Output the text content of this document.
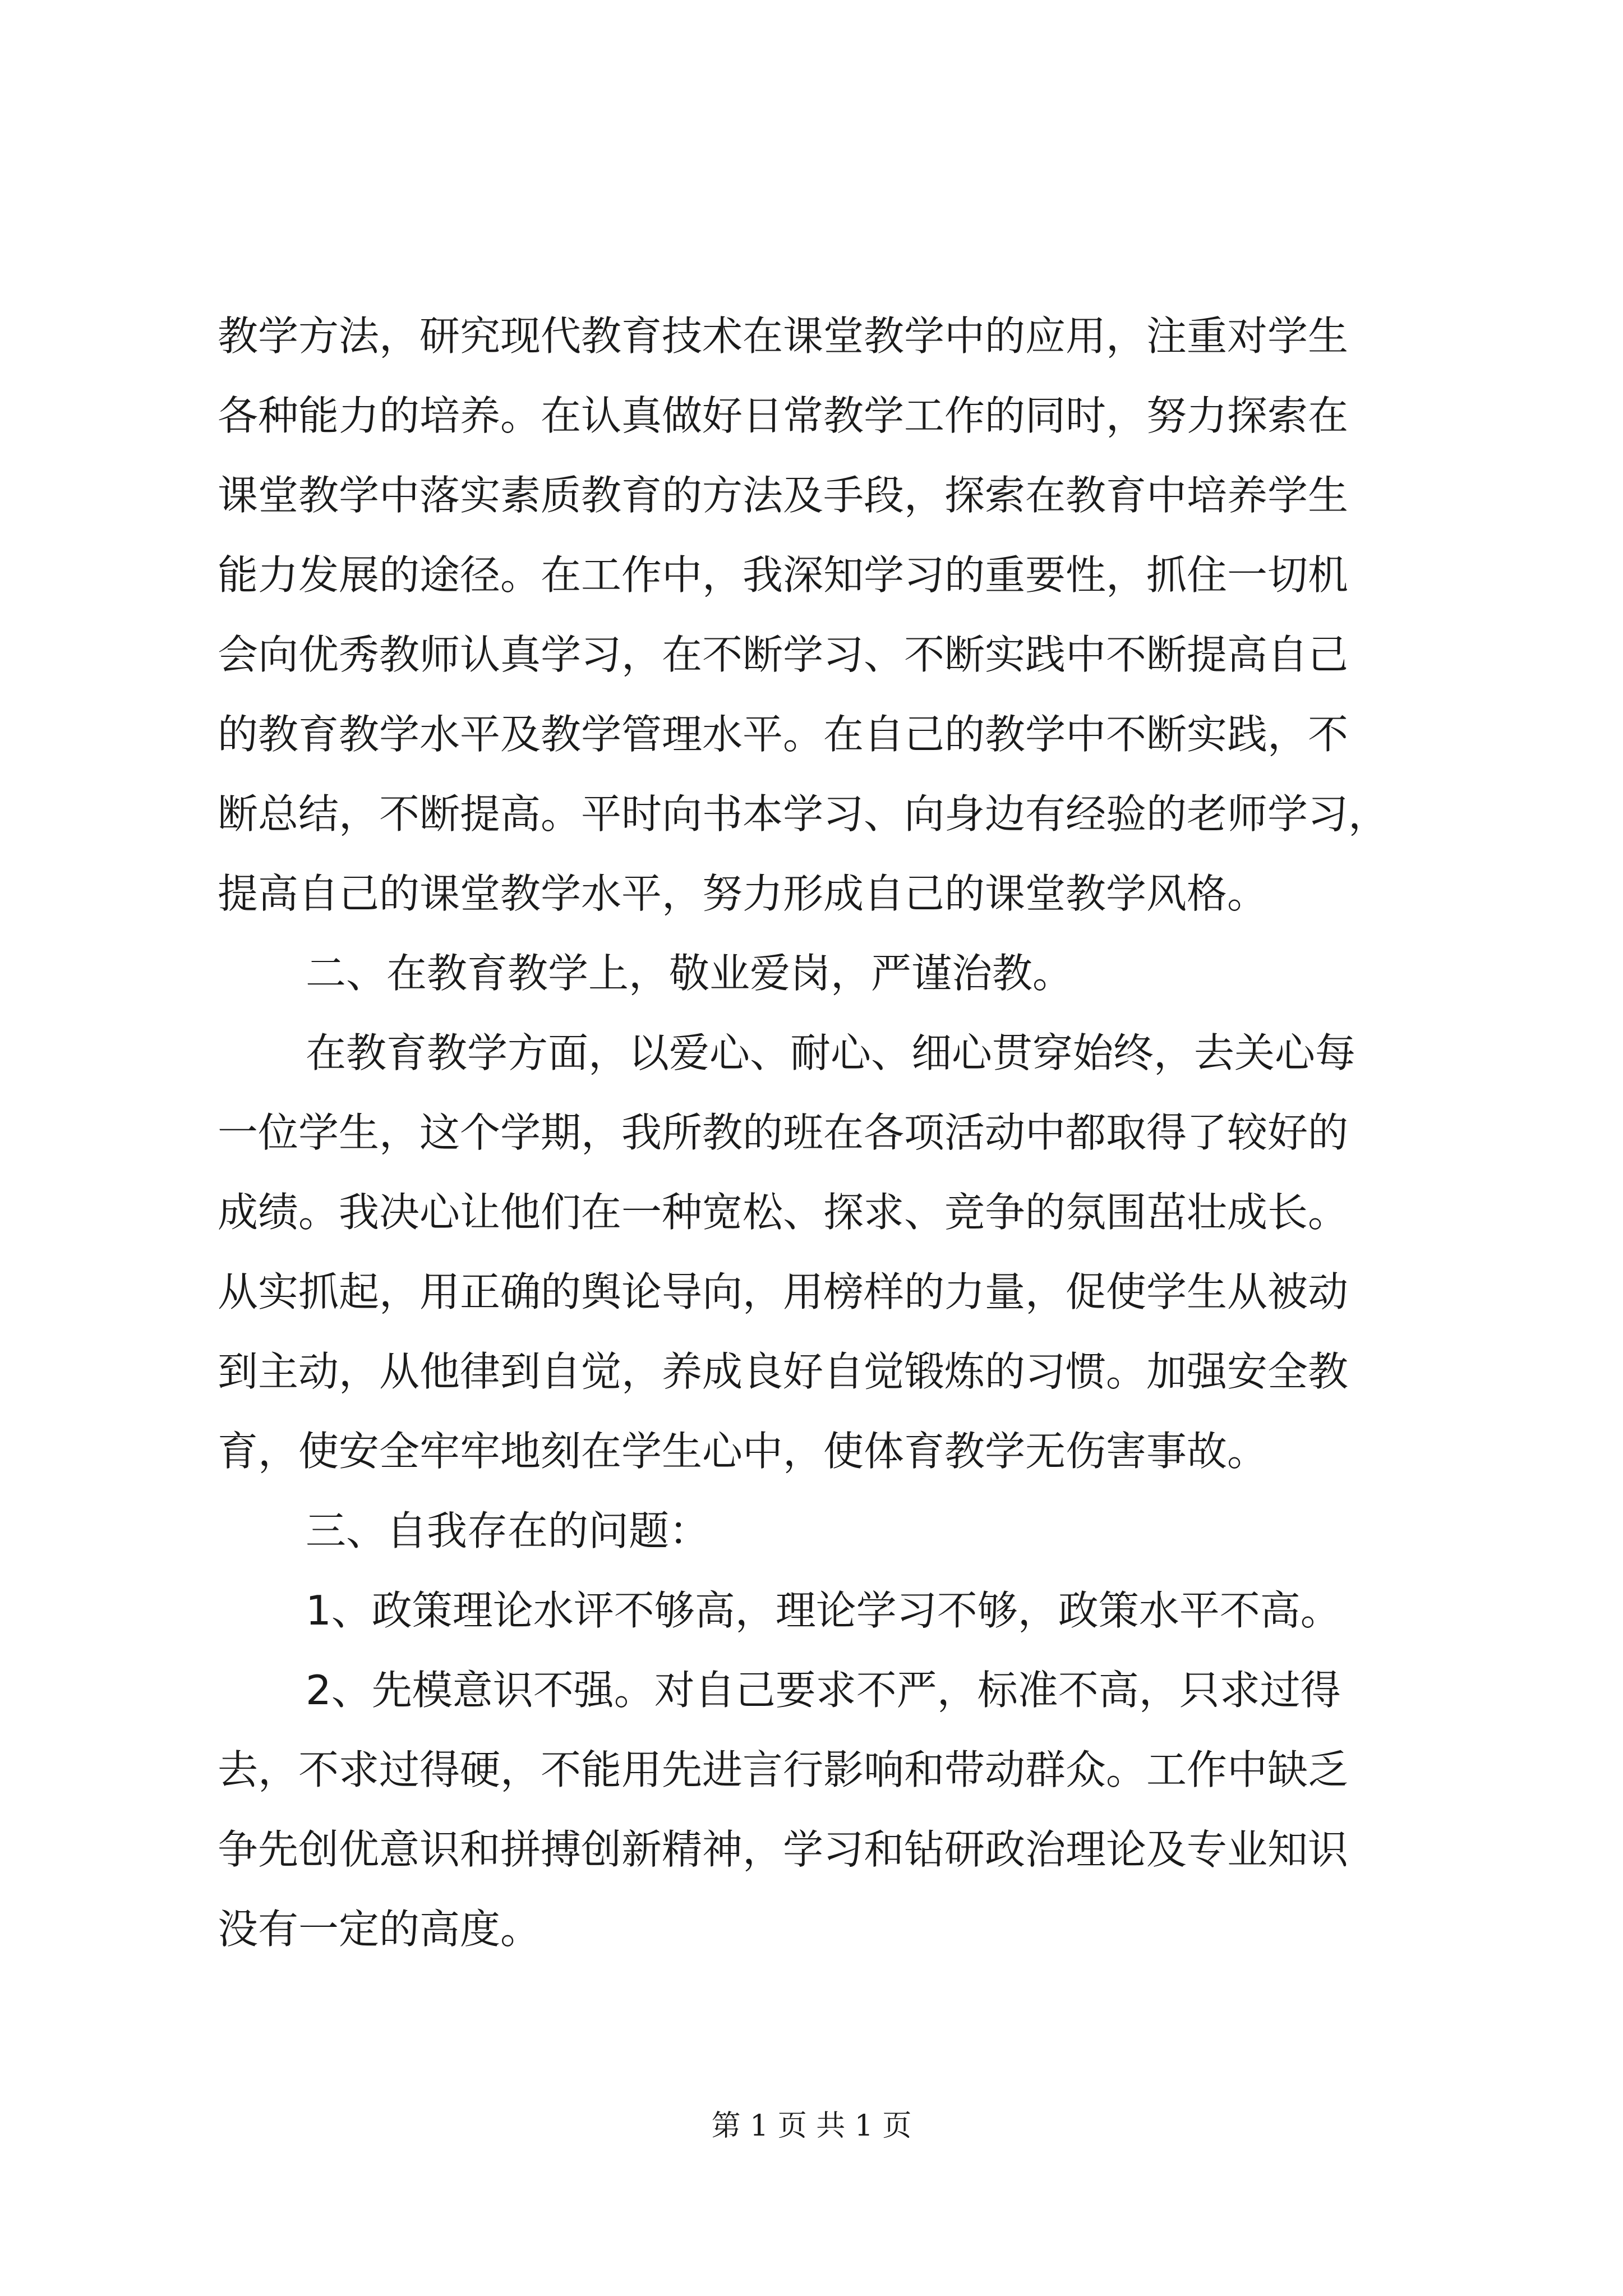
教学方法，研究现代教育技术在课堂教学中的应用，注重对学生
各种能力的培养。在认真做好日常教学工作的同时，努力探索在
课堂教学中落实素质教育的方法及手段，探索在教育中培养学生
能力发展的途径。在工作中，我深知学习的重要性，抓住一切机
会向优秀教师认真学习，在不断学习、不断实践中不断提高自己
的教育教学水平及教学管理水平。在自己的教学中不断实践，不
断总结，不断提高。平时向书本学习、向身边有经验的老师学习，
提高自己的课堂教学水平，努力形成自己的课堂教学风格。
二、在教育教学上，敬业爱岗，严谨治教。
在教育教学方面，以爱心、耐心、细心贯穿始终，去关心每
一位学生，这个学期，我所教的班在各项活动中都取得了较好的
成绩。我决心让他们在一种宽松、探求、竞争的氛围茁壮成长。
从实抓起，用正确的舆论导向，用榜样的力量，促使学生从被动
到主动，从他律到自觉，养成良好自觉锻炼的习惯。加强安全教
育，使安全牢牢地刻在学生心中，使体育教学无伤害事故。
三、自我存在的问题：
1、政策理论水评不够高，理论学习不够，政策水平不高。
2、先模意识不强。对自己要求不严，标准不高，只求过得
去，不求过得硬，不能用先进言行影响和带动群众。工作中缺乏
争先创优意识和拼搏创新精神，学习和钻研政治理论及专业知识
没有一定的高度。
第 1 页 共 1 页
